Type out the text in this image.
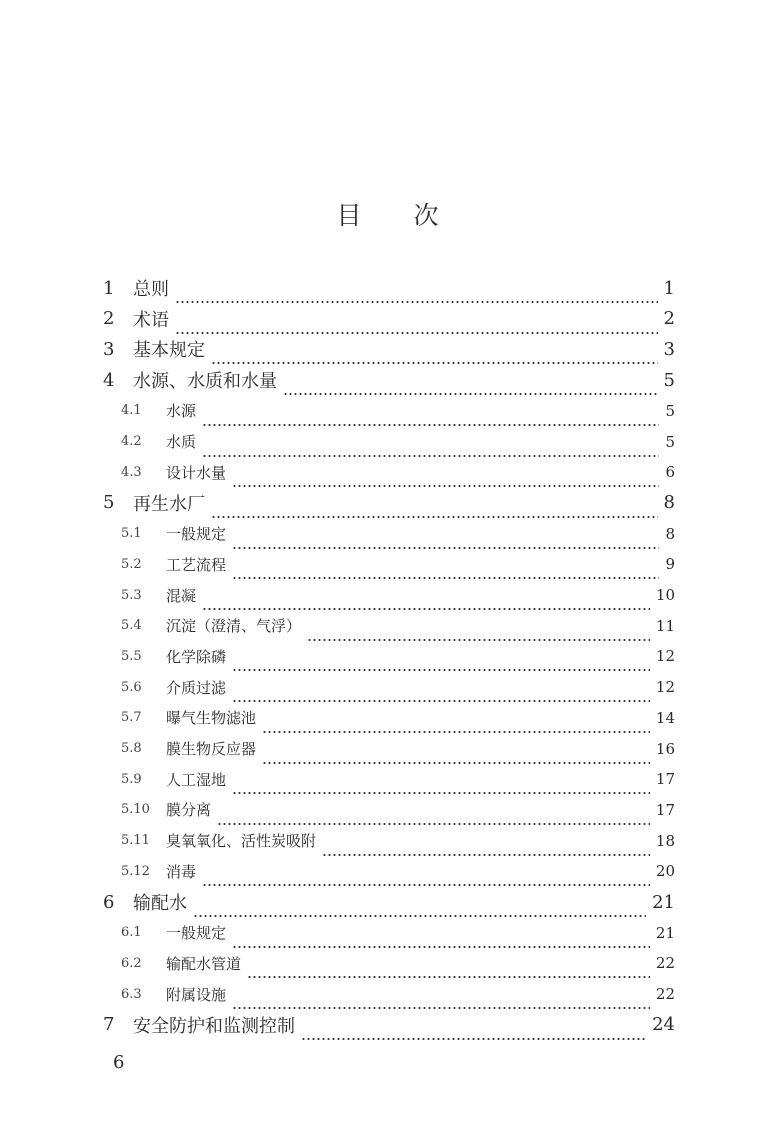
目 次
1 总则	1
2 术语	2
3 基本规定	3
4 水源、水质和水量	5
4.1 水源	5
4.2 水质	5
4.3 设计水量	6
5 再生水厂	8
5.1 一般规定	8
5.2 工艺流程	9
5.3 混凝	10
5.4 沉淀（澄清、气浮）	11
5.5 化学除磷	12
5.6 介质过滤	12
5.7 曝气生物滤池	14
5.8 膜生物反应器	16
5.9 人工湿地	17
5.10 膜分离	17
5.11 臭氧氧化、活性炭吸附	18
5.12 消毒	20
6 输配水	21
6.1 一般规定	21
6.2 输配水管道	22
6.3 附属设施	22
7 安全防护和监测控制	24
6
